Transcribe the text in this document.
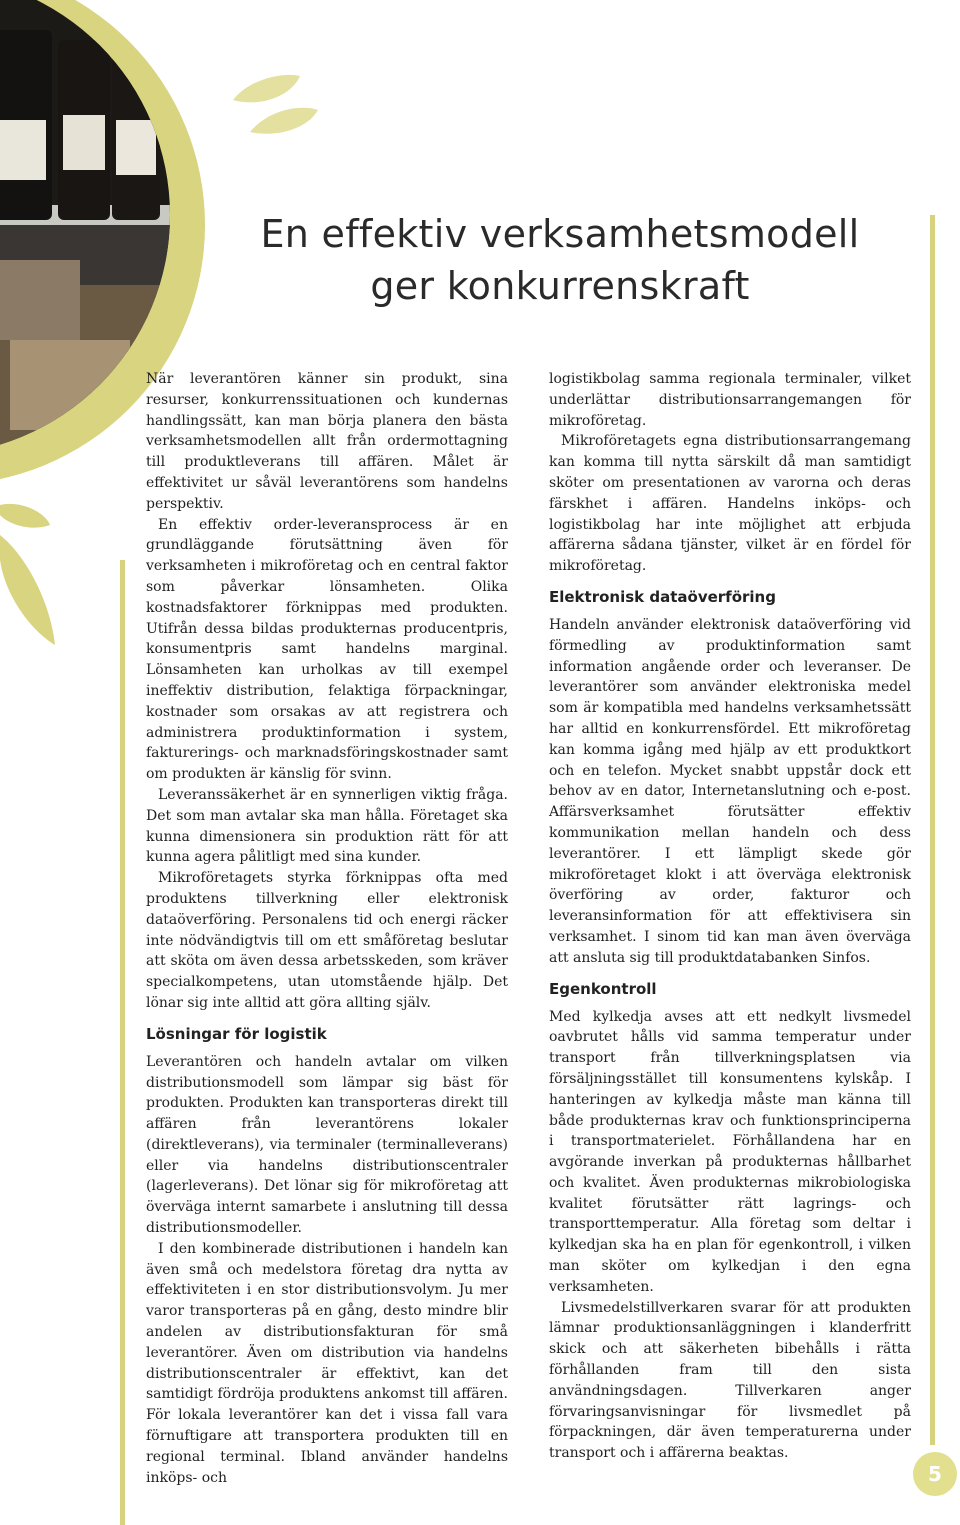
En effektiv verksamhetsmodell
ger konkurrenskraft

När leverantören känner sin produkt, sina resurser, konkurrenssituationen och kundernas handlingssätt, kan man börja planera den bästa verksamhetsmodellen allt från ordermottagning till produktleverans till affären. Målet är effektivitet ur såväl leverantörens som handelns perspektiv.

En effektiv order-leveransprocess är en grundläggande förutsättning även för verksamheten i mikroföretag och en central faktor som påverkar lönsamheten. Olika kostnadsfaktorer förknippas med produkten. Utifrån dessa bildas produkternas producentpris, konsumentpris samt handelns marginal. Lönsamheten kan urholkas av till exempel ineffektiv distribution, felaktiga förpackningar, kostnader som orsakas av att registrera och administrera produktinformation i system, fakturerings- och marknadsföringskostnader samt om produkten är känslig för svinn.

Leveranssäkerhet är en synnerligen viktig fråga. Det som man avtalar ska man hålla. Företaget ska kunna dimensionera sin produktion rätt för att kunna agera pålitligt med sina kunder.

Mikroföretagets styrka förknippas ofta med produktens tillverkning eller elektronisk dataöverföring. Personalens tid och energi räcker inte nödvändigtvis till om ett småföretag beslutar att sköta om även dessa arbetsskeden, som kräver specialkompetens, utan utomstående hjälp. Det lönar sig inte alltid att göra allting själv.

Lösningar för logistik

Leverantören och handeln avtalar om vilken distributionsmodell som lämpar sig bäst för produkten. Produkten kan transporteras direkt till affären från leverantörens lokaler (direktleverans), via terminaler (terminalleverans) eller via handelns distributionscentraler (lagerleverans). Det lönar sig för mikroföretag att överväga internt samarbete i anslutning till dessa distributionsmodeller.

I den kombinerade distributionen i handeln kan även små och medelstora företag dra nytta av effektiviteten i en stor distributionsvolym. Ju mer varor transporteras på en gång, desto mindre blir andelen av distributionsfakturan för små leverantörer. Även om distribution via handelns distributionscentraler är effektivt, kan det samtidigt fördröja produktens ankomst till affären. För lokala leverantörer kan det i vissa fall vara förnuftigare att transportera produkten till en regional terminal. Ibland använder handelns inköps- och

logistikbolag samma regionala terminaler, vilket underlättar distributionsarrangemangen för mikroföretag.

Mikroföretagets egna distributionsarrangemang kan komma till nytta särskilt då man samtidigt sköter om presentationen av varorna och deras färskhet i affären. Handelns inköps- och logistikbolag har inte möjlighet att erbjuda affärerna sådana tjänster, vilket är en fördel för mikroföretag.

Elektronisk dataöverföring

Handeln använder elektronisk dataöverföring vid förmedling av produktinformation samt information angående order och leveranser. De leverantörer som använder elektroniska medel som är kompatibla med handelns verksamhetssätt har alltid en konkurrensfördel. Ett mikroföretag kan komma igång med hjälp av ett produktkort och en telefon. Mycket snabbt uppstår dock ett behov av en dator, Internetanslutning och e-post. Affärsverksamhet förutsätter effektiv kommunikation mellan handeln och dess leverantörer. I ett lämpligt skede gör mikroföretaget klokt i att överväga elektronisk överföring av order, fakturor och leveransinformation för att effektivisera sin verksamhet. I sinom tid kan man även överväga att ansluta sig till produktdatabanken Sinfos.

Egenkontroll

Med kylkedja avses att ett nedkylt livsmedel oavbrutet hålls vid samma temperatur under transport från tillverkningsplatsen via försäljningsstället till konsumentens kylskåp. I hanteringen av kylkedja måste man känna till både produkternas krav och funktionsprinciperna i transportmaterielet. Förhållandena har en avgörande inverkan på produkternas hållbarhet och kvalitet. Även produkternas mikrobiologiska kvalitet förutsätter rätt lagrings- och transporttemperatur. Alla företag som deltar i kylkedjan ska ha en plan för egenkontroll, i vilken man sköter om kylkedjan i den egna verksamheten.

Livsmedelstillverkaren svarar för att produkten lämnar produktionsanläggningen i klanderfritt skick och att säkerheten bibehålls i rätta förhållanden fram till den sista användningsdagen. Tillverkaren anger förvaringsanvisningar för livsmedlet på förpackningen, där även temperaturerna under transport och i affärerna beaktas.

5
